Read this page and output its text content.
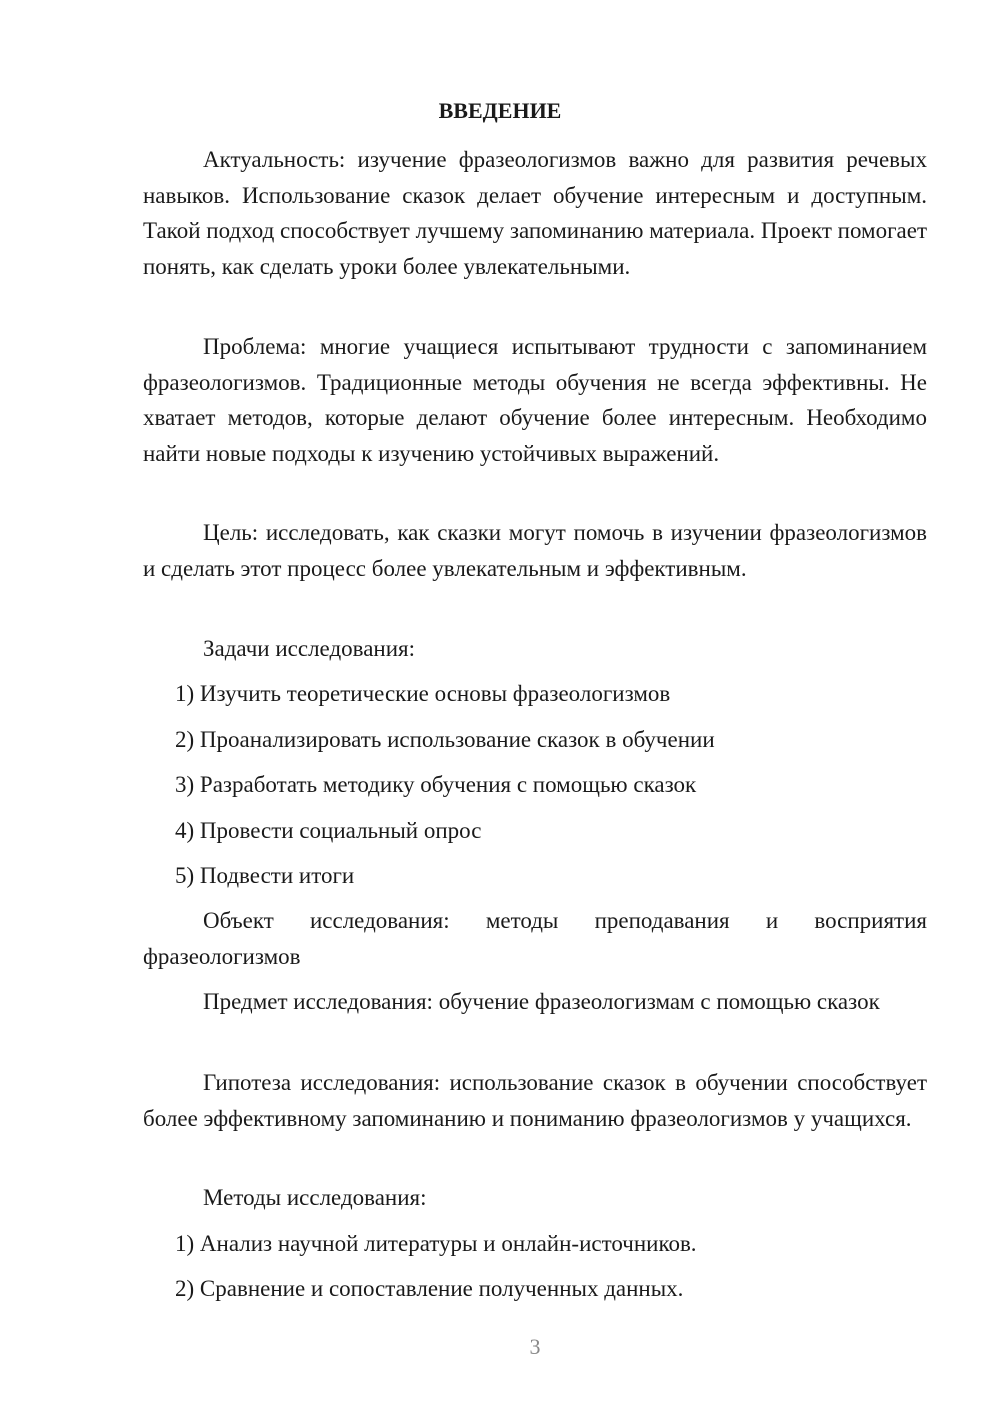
ВВЕДЕНИЕ

Актуальность: изучение фразеологизмов важно для развития речевых навыков. Использование сказок делает обучение интересным и доступным. Такой подход способствует лучшему запоминанию материала. Проект помогает понять, как сделать уроки более увлекательными.

Проблема: многие учащиеся испытывают трудности с запоминанием фразеологизмов. Традиционные методы обучения не всегда эффективны. Не хватает методов, которые делают обучение более интересным. Необходимо найти новые подходы к изучению устойчивых выражений.

Цель: исследовать, как сказки могут помочь в изучении фразеологизмов и сделать этот процесс более увлекательным и эффективным.

Задачи исследования:

1) Изучить теоретические основы фразеологизмов

2) Проанализировать использование сказок в обучении

3) Разработать методику обучения с помощью сказок

4) Провести социальный опрос

5) Подвести итоги

Объект исследования: методы преподавания и восприятия фразеологизмов

Предмет исследования: обучение фразеологизмам с помощью сказок

Гипотеза исследования: использование сказок в обучении способствует более эффективному запоминанию и пониманию фразеологизмов у учащихся.

Методы исследования:

1) Анализ научной литературы и онлайн-источников.

2) Сравнение и сопоставление полученных данных.

3
